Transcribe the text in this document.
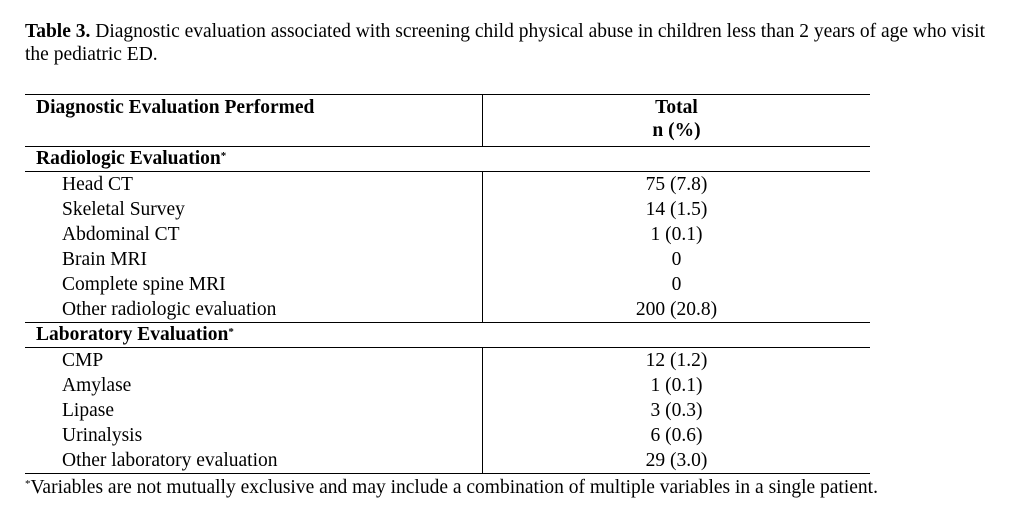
Table 3. Diagnostic evaluation associated with screening child physical abuse in children less than 2 years of age who visit the pediatric ED.
Diagnostic Evaluation Performed	Total
n (%)

Radiologic Evaluation*	
Head CT	75 (7.8)
Skeletal Survey	14 (1.5)
Abdominal CT	1 (0.1)
Brain MRI	0
Complete spine MRI	0
Other radiologic evaluation	200 (20.8)
Laboratory Evaluation*	
CMP	12 (1.2)
Amylase	1 (0.1)
Lipase	3 (0.3)
Urinalysis	6 (0.6)
Other laboratory evaluation	29 (3.0)
*Variables are not mutually exclusive and may include a combination of multiple variables in a single patient.
